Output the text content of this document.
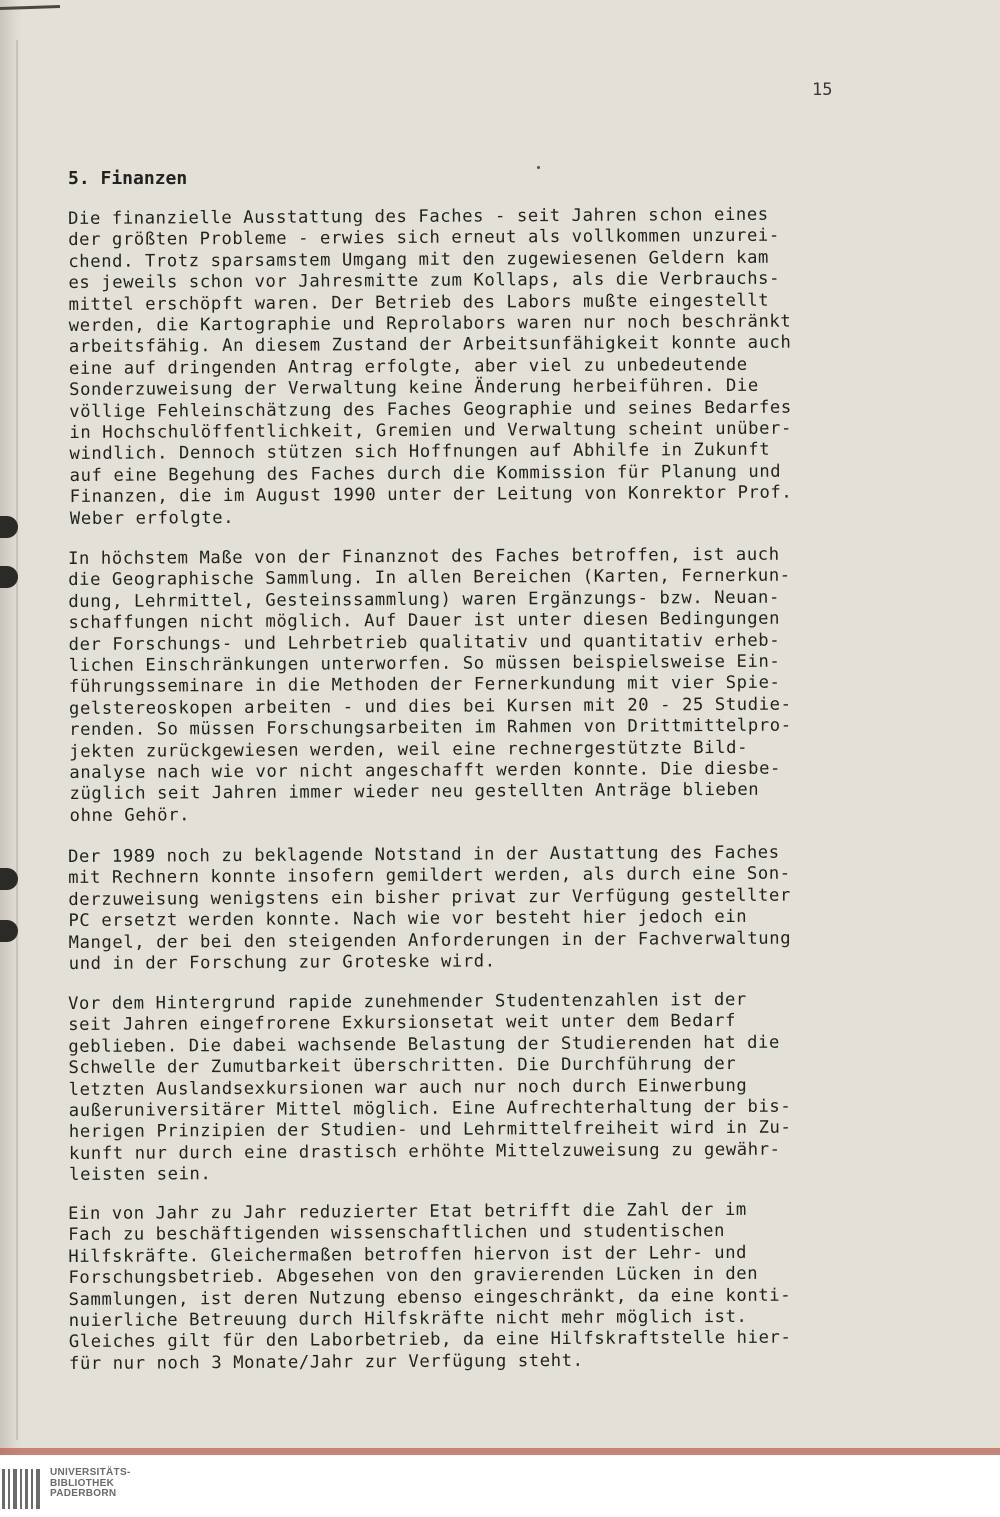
15
5. Finanzen
Die finanzielle Ausstattung des Faches - seit Jahren schon eines
der größten Probleme - erwies sich erneut als vollkommen unzurei-
chend. Trotz sparsamstem Umgang mit den zugewiesenen Geldern kam
es jeweils schon vor Jahresmitte zum Kollaps, als die Verbrauchs-
mittel erschöpft waren. Der Betrieb des Labors mußte eingestellt
werden, die Kartographie und Reprolabors waren nur noch beschränkt
arbeitsfähig. An diesem Zustand der Arbeitsunfähigkeit konnte auch
eine auf dringenden Antrag erfolgte, aber viel zu unbedeutende
Sonderzuweisung der Verwaltung keine Änderung herbeiführen. Die
völlige Fehleinschätzung des Faches Geographie und seines Bedarfes
in Hochschulöffentlichkeit, Gremien und Verwaltung scheint unüber-
windlich. Dennoch stützen sich Hoffnungen auf Abhilfe in Zukunft
auf eine Begehung des Faches durch die Kommission für Planung und
Finanzen, die im August 1990 unter der Leitung von Konrektor Prof.
Weber erfolgte.
In höchstem Maße von der Finanznot des Faches betroffen, ist auch
die Geographische Sammlung. In allen Bereichen (Karten, Fernerkun-
dung, Lehrmittel, Gesteinssammlung) waren Ergänzungs- bzw. Neuan-
schaffungen nicht möglich. Auf Dauer ist unter diesen Bedingungen
der Forschungs- und Lehrbetrieb qualitativ und quantitativ erheb-
lichen Einschränkungen unterworfen. So müssen beispielsweise Ein-
führungsseminare in die Methoden der Fernerkundung mit vier Spie-
gelstereoskopen arbeiten - und dies bei Kursen mit 20 - 25 Studie-
renden. So müssen Forschungsarbeiten im Rahmen von Drittmittelpro-
jekten zurückgewiesen werden, weil eine rechnergestützte Bild-
analyse nach wie vor nicht angeschafft werden konnte. Die diesbe-
züglich seit Jahren immer wieder neu gestellten Anträge blieben
ohne Gehör.
Der 1989 noch zu beklagende Notstand in der Austattung des Faches
mit Rechnern konnte insofern gemildert werden, als durch eine Son-
derzuweisung wenigstens ein bisher privat zur Verfügung gestellter
PC ersetzt werden konnte. Nach wie vor besteht hier jedoch ein
Mangel, der bei den steigenden Anforderungen in der Fachverwaltung
und in der Forschung zur Groteske wird.
Vor dem Hintergrund rapide zunehmender Studentenzahlen ist der
seit Jahren eingefrorene Exkursionsetat weit unter dem Bedarf
geblieben. Die dabei wachsende Belastung der Studierenden hat die
Schwelle der Zumutbarkeit überschritten. Die Durchführung der
letzten Auslandsexkursionen war auch nur noch durch Einwerbung
außeruniversitärer Mittel möglich. Eine Aufrechterhaltung der bis-
herigen Prinzipien der Studien- und Lehrmittelfreiheit wird in Zu-
kunft nur durch eine drastisch erhöhte Mittelzuweisung zu gewähr-
leisten sein.
Ein von Jahr zu Jahr reduzierter Etat betrifft die Zahl der im
Fach zu beschäftigenden wissenschaftlichen und studentischen
Hilfskräfte. Gleichermaßen betroffen hiervon ist der Lehr- und
Forschungsbetrieb. Abgesehen von den gravierenden Lücken in den
Sammlungen, ist deren Nutzung ebenso eingeschränkt, da eine konti-
nuierliche Betreuung durch Hilfskräfte nicht mehr möglich ist.
Gleiches gilt für den Laborbetrieb, da eine Hilfskraftstelle hier-
für nur noch 3 Monate/Jahr zur Verfügung steht.
UNIVERSITÄTS-
BIBLIOTHEK
PADERBORN
